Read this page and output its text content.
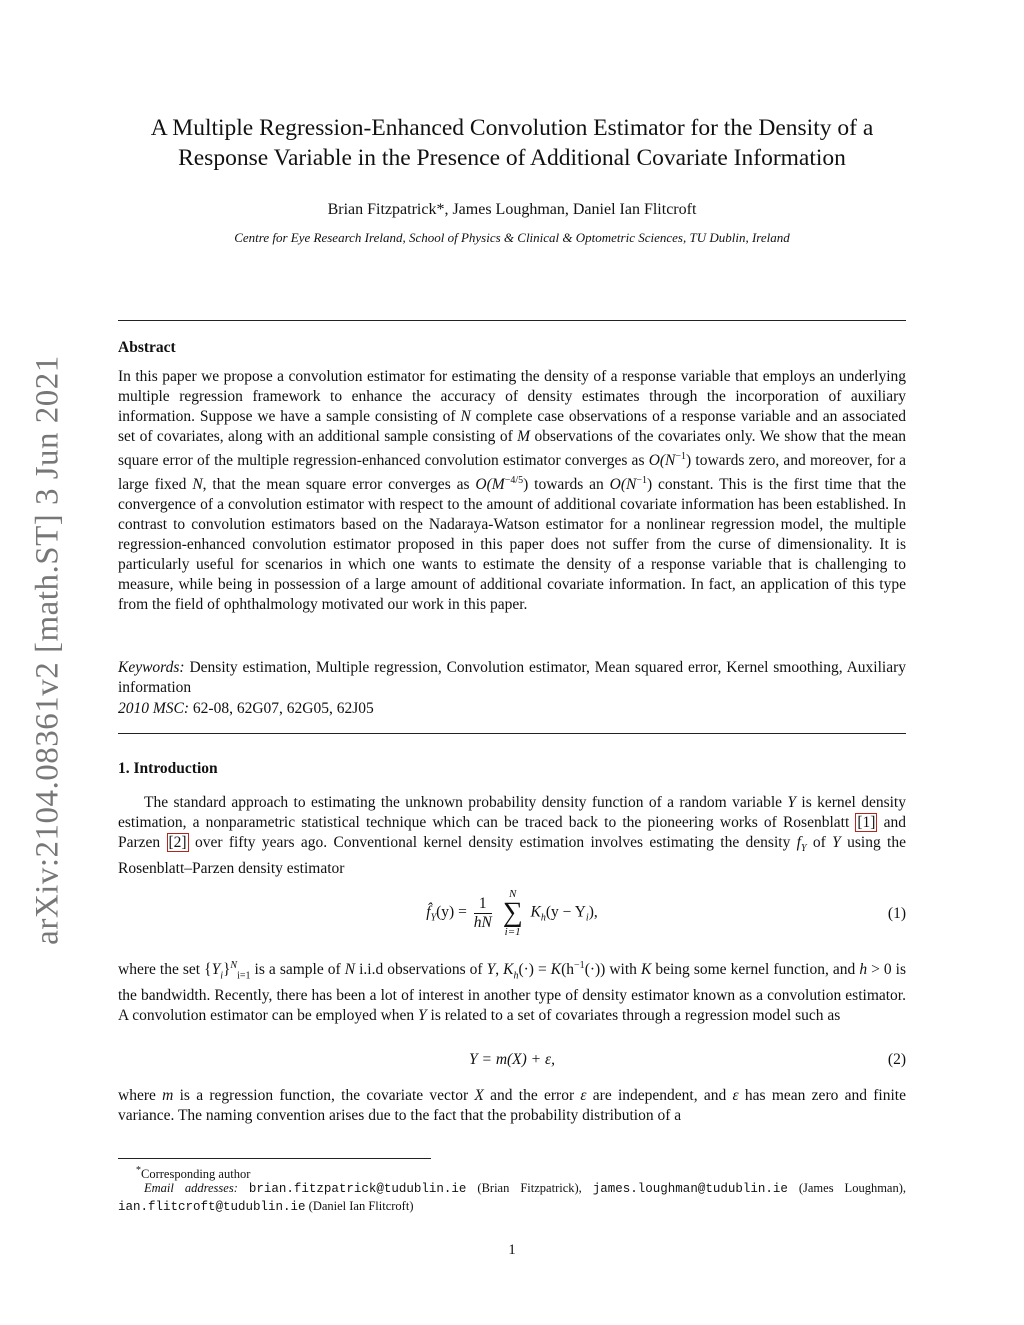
arXiv:2104.08361v2 [math.ST] 3 Jun 2021
A Multiple Regression-Enhanced Convolution Estimator for the Density of a
Response Variable in the Presence of Additional Covariate Information
Brian Fitzpatrick*, James Loughman, Daniel Ian Flitcroft
Centre for Eye Research Ireland, School of Physics & Clinical & Optometric Sciences, TU Dublin, Ireland
Abstract
In this paper we propose a convolution estimator for estimating the density of a response variable that employs an underlying multiple regression framework to enhance the accuracy of density estimates through the incorporation of auxiliary information. Suppose we have a sample consisting of N complete case observations of a response variable and an associated set of covariates, along with an additional sample consisting of M observations of the covariates only. We show that the mean square error of the multiple regression-enhanced convolution estimator converges as $O(N^{-1})$ towards zero, and moreover, for a large fixed N, that the mean square error converges as $O(M^{-4/5})$ towards an $O(N^{-1})$ constant. This is the first time that the convergence of a convolution estimator with respect to the amount of additional covariate information has been established. In contrast to convolution estimators based on the Nadaraya-Watson estimator for a nonlinear regression model, the multiple regression-enhanced convolution estimator proposed in this paper does not suffer from the curse of dimensionality. It is particularly useful for scenarios in which one wants to estimate the density of a response variable that is challenging to measure, while being in possession of a large amount of additional covariate information. In fact, an application of this type from the field of ophthalmology motivated our work in this paper.
Keywords: Density estimation, Multiple regression, Convolution estimator, Mean squared error, Kernel smoothing, Auxiliary information
2010 MSC: 62-08, 62G07, 62G05, 62J05
1. Introduction
The standard approach to estimating the unknown probability density function of a random variable Y is kernel density estimation, a nonparametric statistical technique which can be traced back to the pioneering works of Rosenblatt [1] and Parzen [2] over fifty years ago. Conventional kernel density estimation involves estimating the density $f_Y$ of Y using the Rosenblatt–Parzen density estimator
$f̂_Y(y) = \frac{1}{hN}$

N
∑
i=1
$K_h(y - Y_i)$,	(1)
where the set $\{Y_i\}^N_{i=1}$ is a sample of N i.i.d observations of Y, $K_h(\cdot) = K(h^{-1}(\cdot))$ with K being some kernel function, and h > 0 is the bandwidth. Recently, there has been a lot of interest in another type of density estimator known as a convolution estimator. A convolution estimator can be employed when Y is related to a set of covariates through a regression model such as
Y = m(X) + ε,	(2)
where m is a regression function, the covariate vector X and the error ε are independent, and ε has mean zero and finite variance. The naming convention arises due to the fact that the probability distribution of a
*Corresponding author
Email addresses: brian.fitzpatrick@tudublin.ie (Brian Fitzpatrick), james.loughman@tudublin.ie (James Loughman), ian.flitcroft@tudublin.ie (Daniel Ian Flitcroft)
1
